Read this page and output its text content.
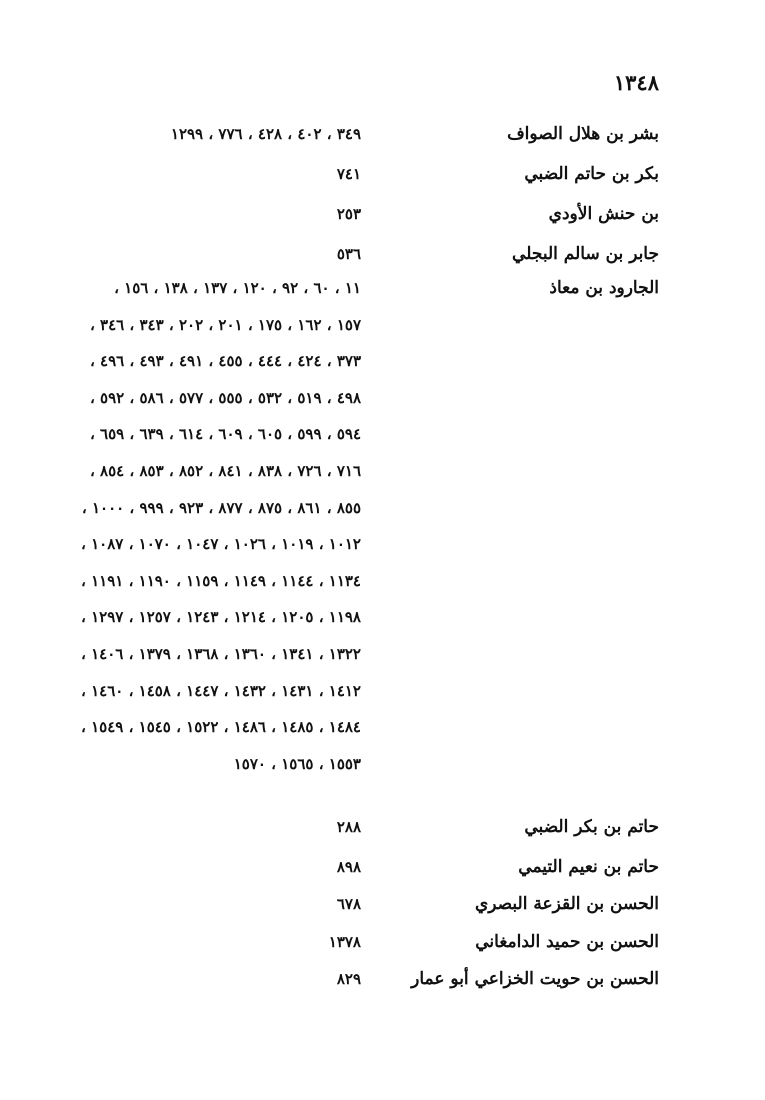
١٣٤٨
بشر بن هلال الصواف
٣٤٩ ، ٤٠٢ ، ٤٢٨ ، ٧٧٦ ، ١٢٩٩
بكر بن حاتم الضبي
٧٤١
بن حنش الأودي
٢٥٣
جابر بن سالم البجلي
٥٣٦
الجارود بن معاذ
١١ ، ٦٠ ، ٩٢ ، ١٢٠ ، ١٣٧ ، ١٣٨ ، ١٥٦ ،
١٥٧ ، ١٦٢ ، ١٧٥ ، ٢٠١ ، ٢٠٢ ، ٣٤٣ ، ٣٤٦ ،
٣٧٣ ، ٤٢٤ ، ٤٤٤ ، ٤٥٥ ، ٤٩١ ، ٤٩٣ ، ٤٩٦ ،
٤٩٨ ، ٥١٩ ، ٥٣٢ ، ٥٥٥ ، ٥٧٧ ، ٥٨٦ ، ٥٩٢ ،
٥٩٤ ، ٥٩٩ ، ٦٠٥ ، ٦٠٩ ، ٦١٤ ، ٦٣٩ ، ٦٥٩ ،
٧١٦ ، ٧٢٦ ، ٨٣٨ ، ٨٤١ ، ٨٥٢ ، ٨٥٣ ، ٨٥٤ ،
٨٥٥ ، ٨٦١ ، ٨٧٥ ، ٨٧٧ ، ٩٢٣ ، ٩٩٩ ، ١٠٠٠ ،
١٠١٢ ، ١٠١٩ ، ١٠٢٦ ، ١٠٤٧ ، ١٠٧٠ ، ١٠٨٧ ،
١١٣٤ ، ١١٤٤ ، ١١٤٩ ، ١١٥٩ ، ١١٩٠ ، ١١٩١ ،
١١٩٨ ، ١٢٠٥ ، ١٢١٤ ، ١٢٤٣ ، ١٢٥٧ ، ١٢٩٧ ،
١٣٢٢ ، ١٣٤١ ، ١٣٦٠ ، ١٣٦٨ ، ١٣٧٩ ، ١٤٠٦ ،
١٤١٢ ، ١٤٣١ ، ١٤٣٢ ، ١٤٤٧ ، ١٤٥٨ ، ١٤٦٠ ،
١٤٨٤ ، ١٤٨٥ ، ١٤٨٦ ، ١٥٢٢ ، ١٥٤٥ ، ١٥٤٩ ،
١٥٥٣ ، ١٥٦٥ ، ١٥٧٠
حاتم بن بكر الضبي
٢٨٨
حاتم بن نعيم التيمي
٨٩٨
الحسن بن القزعة البصري
٦٧٨
الحسن بن حميد الدامغاني
١٣٧٨
الحسن بن حويت الخزاعي أبو عمار
٨٢٩
